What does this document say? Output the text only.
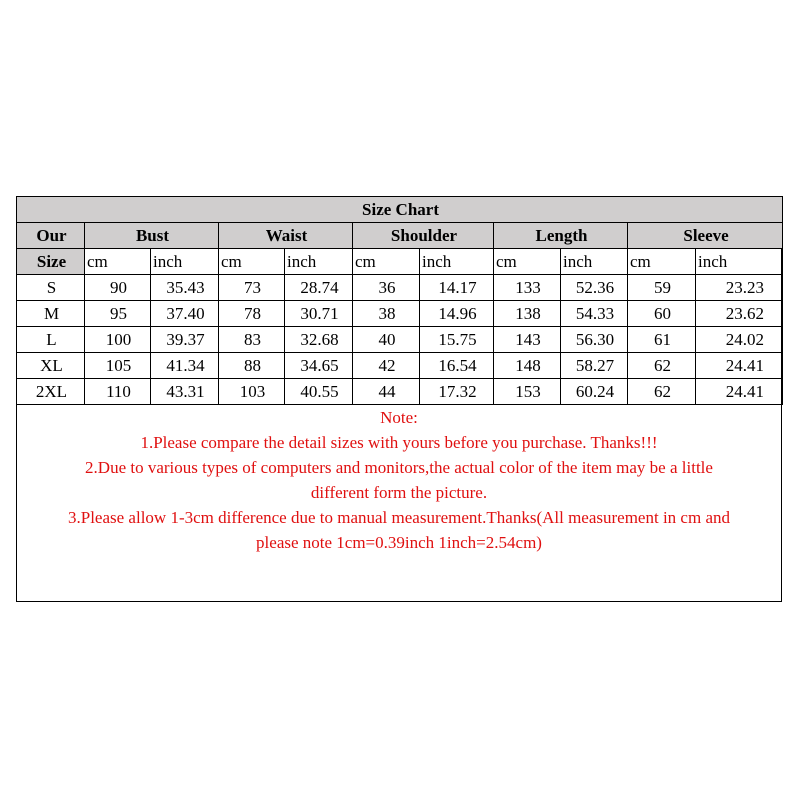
Size Chart										
Our	Bust		Waist		Shoulder		Length		Sleeve	
Size	cm	inch	cm	inch	cm	inch	cm	inch	cm	inch
S	90	35.43	73	28.74	36	14.17	133	52.36	59	23.23
M	95	37.40	78	30.71	38	14.96	138	54.33	60	23.62
L	100	39.37	83	32.68	40	15.75	143	56.30	61	24.02
XL	105	41.34	88	34.65	42	16.54	148	58.27	62	24.41
2XL	110	43.31	103	40.55	44	17.32	153	60.24	62	24.41
Note:
1.Please compare the detail sizes with yours before you purchase. Thanks!!!
2.Due to various types of computers and monitors,the actual color of the item may be a little
different form the picture.
3.Please allow 1-3cm difference due to manual measurement.Thanks(All measurement in cm and
please note 1cm=0.39inch 1inch=2.54cm)
